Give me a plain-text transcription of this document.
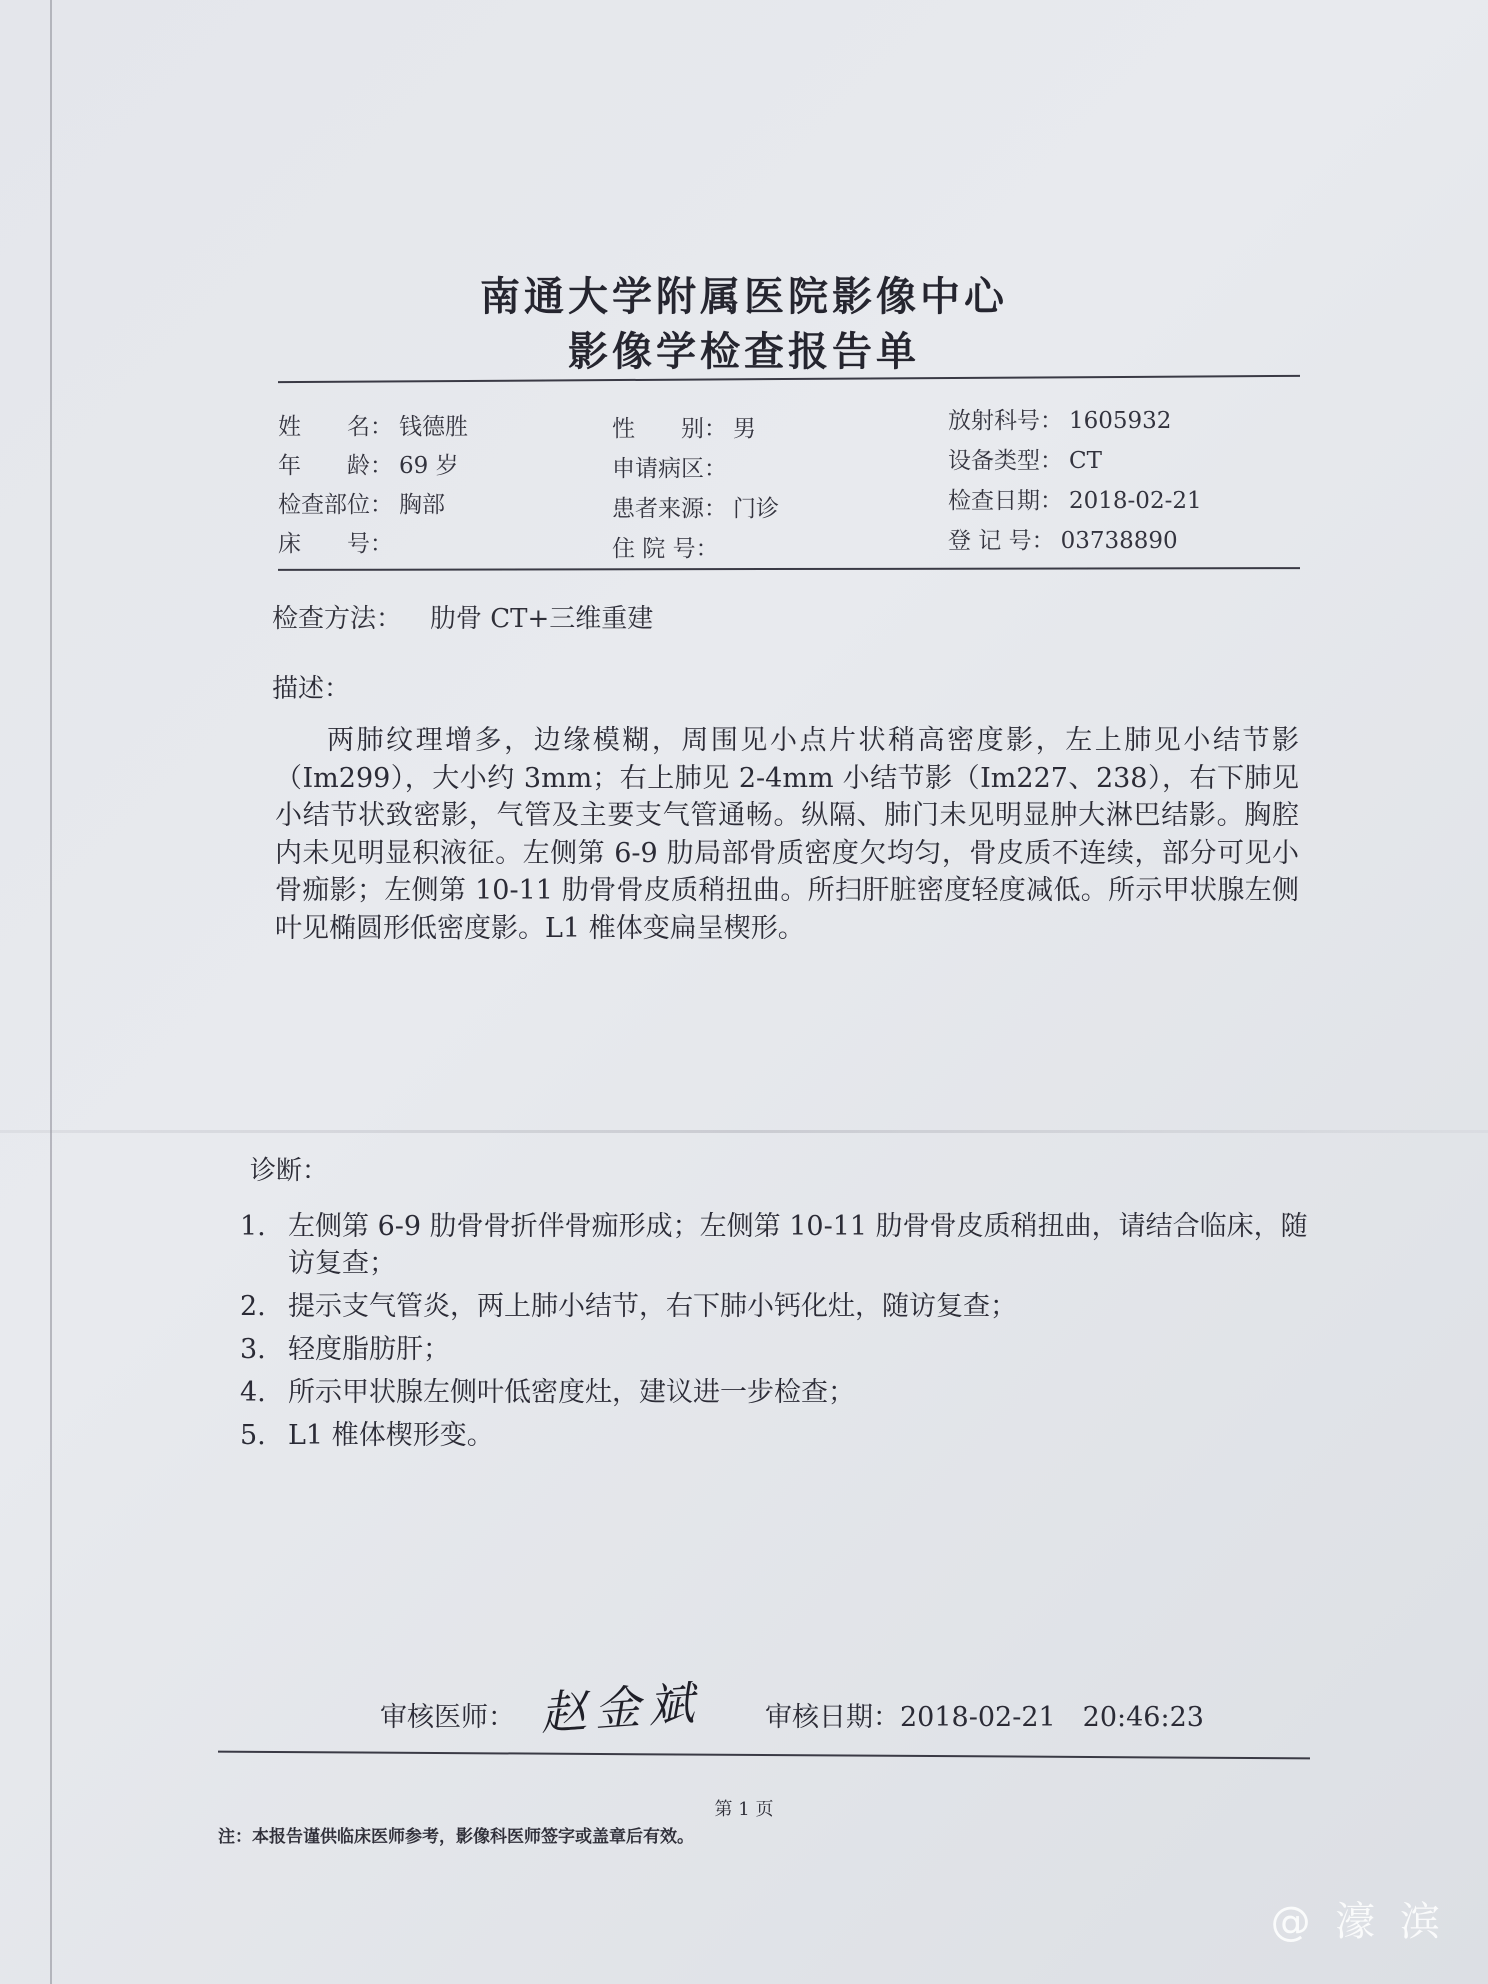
南通大学附属医院影像中心
影像学检查报告单
姓　　名： 钱德胜
年　　龄： 69 岁
检查部位： 胸部
床　　号：
性　　别： 男
申请病区：
患者来源： 门诊
住 院 号：
放射科号： 1605932
设备类型： CT
检查日期： 2018-02-21
登 记 号： 03738890
检查方法： 肋骨 CT+三维重建
描述：
两肺纹理增多，边缘模糊，周围见小点片状稍高密度影，左上肺见小结节影（Im299），大小约 3mm；右上肺见 2-4mm 小结节影（Im227、238），右下肺见小结节状致密影，气管及主要支气管通畅。纵隔、肺门未见明显肿大淋巴结影。胸腔内未见明显积液征。左侧第 6-9 肋局部骨质密度欠均匀，骨皮质不连续，部分可见小骨痂影；左侧第 10-11 肋骨骨皮质稍扭曲。所扫肝脏密度轻度减低。所示甲状腺左侧叶见椭圆形低密度影。L1 椎体变扁呈楔形。
诊断：
1. 左侧第 6-9 肋骨骨折伴骨痂形成；左侧第 10-11 肋骨骨皮质稍扭曲，请结合临床，随访复查；
2. 提示支气管炎，两上肺小结节，右下肺小钙化灶，随访复查；
3. 轻度脂肪肝；
4. 所示甲状腺左侧叶低密度灶，建议进一步检查；
5. L1 椎体楔形变。
审核医师： 赵金斌 审核日期：2018-02-21　20:46:23
第 1 页
注：本报告谨供临床医师参考，影像科医师签字或盖章后有效。
@ 濠 滨
